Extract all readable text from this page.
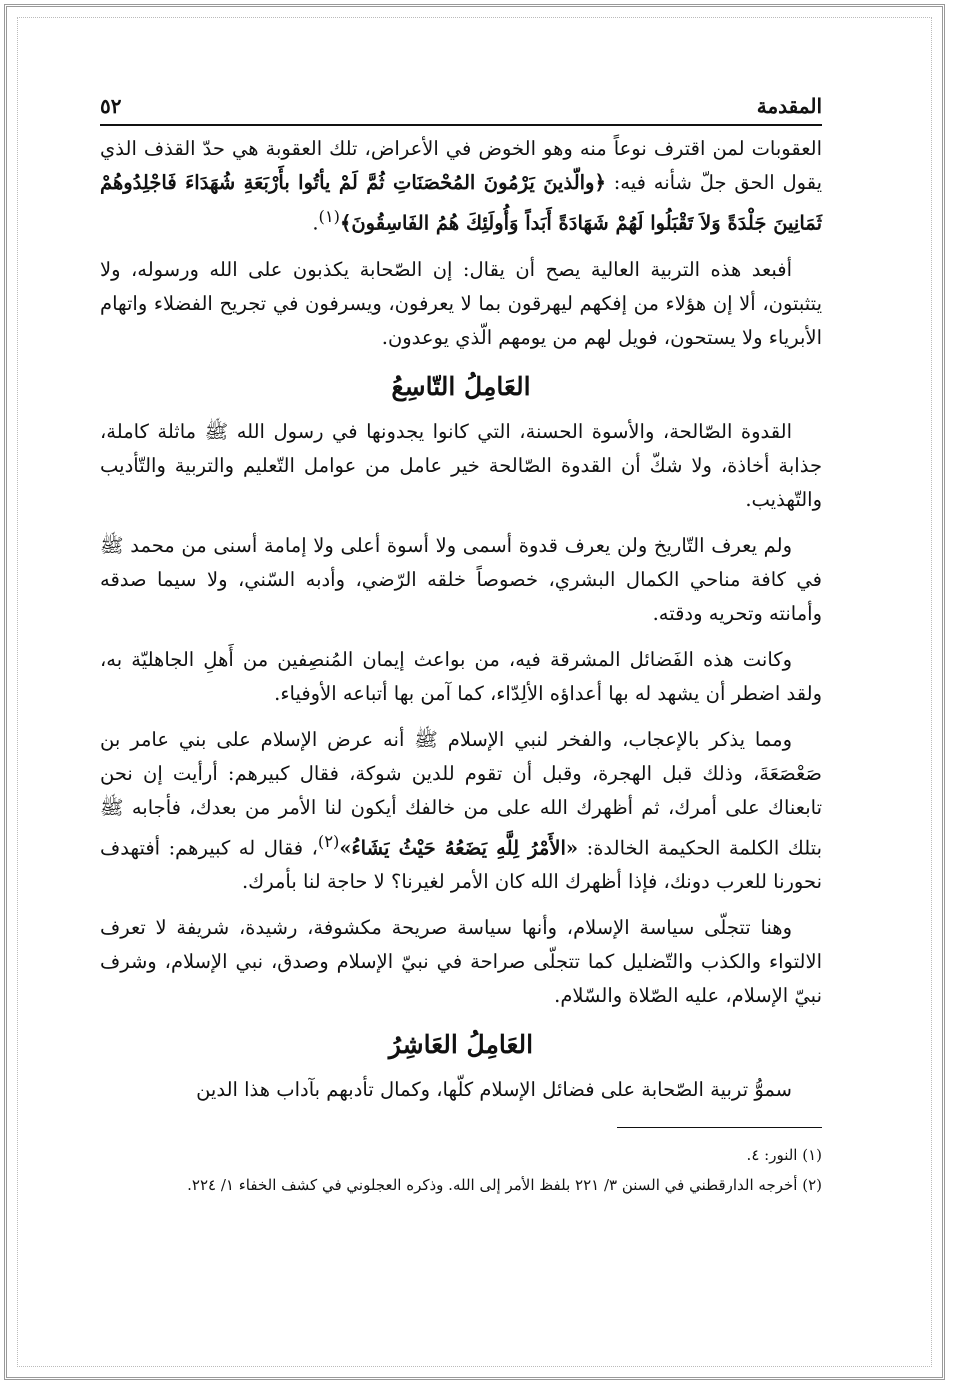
المقدمة
٥٢

العقوبات لمن اقترف نوعاً منه وهو الخوض في الأعراض، تلك العقوبة هي حدّ القذف الذي يقول الحق جلّ شأنه فيه: ﴿والّذينَ يَرْمُونَ المُحْصَنَاتِ ثُمَّ لَمْ يأتُوا بأَرْبَعَةِ شُهَدَاءَ فَاجْلِدُوهُمْ ثَمَانِينَ جَلْدَةً وَلاَ تَقْبَلُوا لَهُمْ شَهَادَةً أَبَداً وَأُولَئِكَ هُمُ الفَاسِقُونَ﴾$^{(١)}$.

أفبعد هذه التربية العالية يصح أن يقال: إن الصّحابة يكذبون على الله ورسوله، ولا يتثبتون، ألا إن هؤلاء من إفكهم ليهرقون بما لا يعرفون، ويسرفون في تجريح الفضلاء واتهام الأبرياء ولا يستحون، فويل لهم من يومهم الّذي يوعدون.

العَامِلُ التّاسِعُ

القدوة الصّالحة، والأسوة الحسنة، التي كانوا يجدونها في رسول الله ﷺ ماثلة كاملة، جذابة أخاذة، ولا شكّ أن القدوة الصّالحة خير عامل من عوامل التّعليم والتربية والتّأديب والتّهذيب.

ولم يعرف التّاريخ ولن يعرف قدوة أسمى ولا أسوة أعلى ولا إمامة أسنى من محمد ﷺ في كافة مناحي الكمال البشري، خصوصاً خلقه الرّضي، وأدبه السّني، ولا سيما صدقه وأمانته وتحريه ودقته.

وكانت هذه الفَضائل المشرقة فيه، من بواعث إيمان المُنصِفين من أَهلِ الجاهليّة به، ولقد اضطر أن يشهد له بها أعداؤه الألِدّاء، كما آمن بها أتباعه الأوفياء.

ومما يذكر بالإعجاب، والفخر لنبي الإسلام ﷺ أنه عرض الإسلام على بني عامر بن صَعْصَعَةَ، وذلك قبل الهجرة، وقبل أن تقوم للدين شوكة، فقال كبيرهم: أرأيت إن نحن تابعناك على أمرك، ثم أظهرك الله على من خالفك أيكون لنا الأمر من بعدك، فأجابه ﷺ بتلك الكلمة الحكيمة الخالدة: «الأَمْرُ لِلَّهِ يَضَعُهُ حَيْثُ يَشَاءُ»$^{(٢)}$، فقال له كبيرهم: أفتهدف نحورنا للعرب دونك، فإذا أظهرك الله كان الأمر لغيرنا؟ لا حاجة لنا بأمرك.

وهنا تتجلّى سياسة الإسلام، وأنها سياسة صريحة مكشوفة، رشيدة، شريفة لا تعرف الالتواء والكذب والتّضليل كما تتجلّى صراحة في نبيّ الإسلام وصدق، نبي الإسلام، وشرف نبيّ الإسلام، عليه الصّلاة والسّلام.

العَامِلُ العَاشِرُ

سموُّ تربية الصّحابة على فضائل الإسلام كلّها، وكمال تأدبهم بآداب هذا الدين

(١) النور: ٤.

(٢) أخرجه الدارقطني في السنن ٣/ ٢٢١ بلفظ الأمر إلى الله. وذكره العجلوني في كشف الخفاء ١/ ٢٢٤.
